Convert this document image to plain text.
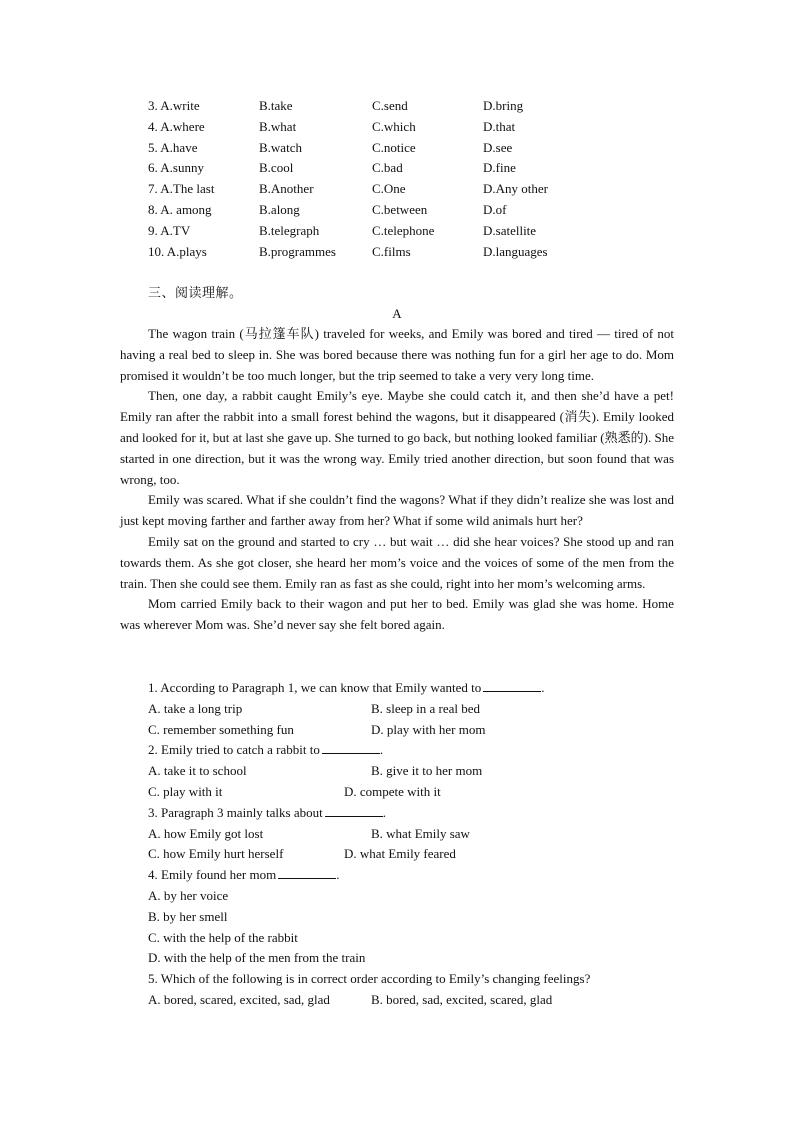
3. A.write	B.take	C.send	D.bring
4. A.where	B.what	C.which	D.that
5. A.have	B.watch	C.notice	D.see
6. A.sunny	B.cool	C.bad	D.fine
7. A.The last	B.Another	C.One	D.Any other
8. A. among	B.along	C.between	D.of
9. A.TV	B.telegraph	C.telephone	D.satellite
10. A.plays	B.programmes	C.films	D.languages
三、阅读理解。
A

The wagon train (马拉篷车队) traveled for weeks, and Emily was bored and tired — tired of not having a real bed to sleep in. She was bored because there was nothing fun for a girl her age to do. Mom promised it wouldn’t be too much longer, but the trip seemed to take a very very long time.

Then, one day, a rabbit caught Emily’s eye. Maybe she could catch it, and then she’d have a pet! Emily ran after the rabbit into a small forest behind the wagons, but it disappeared (消失). Emily looked and looked for it, but at last she gave up. She turned to go back, but nothing looked familiar (熟悉的). She started in one direction, but it was the wrong way. Emily tried another direction, but soon found that was wrong, too.

Emily was scared. What if she couldn’t find the wagons? What if they didn’t realize she was lost and just kept moving farther and farther away from her? What if some wild animals hurt her?

Emily sat on the ground and started to cry … but wait … did she hear voices? She stood up and ran towards them. As she got closer, she heard her mom’s voice and the voices of some of the men from the train. Then she could see them. Emily ran as fast as she could, right into her mom’s welcoming arms.

Mom carried Emily back to their wagon and put her to bed. Emily was glad she was home. Home was wherever Mom was. She’d never say she felt bored again.

1. According to Paragraph 1, we can know that Emily wanted to	.
A. take a long trip	B. sleep in a real bed
C. remember something fun	D. play with her mom
2. Emily tried to catch a rabbit to	.
A. take it to school	B. give it to her mom
C. play with it	D. compete with it
3. Paragraph 3 mainly talks about	.
A. how Emily got lost	B. what Emily saw
C. how Emily hurt herself	D. what Emily feared
4. Emily found her mom	.
A. by her voice
B. by her smell
C. with the help of the rabbit
D. with the help of the men from the train
5. Which of the following is in correct order according to Emily’s changing feelings?
A. bored, scared, excited, sad, glad	B. bored, sad, excited, scared, glad
